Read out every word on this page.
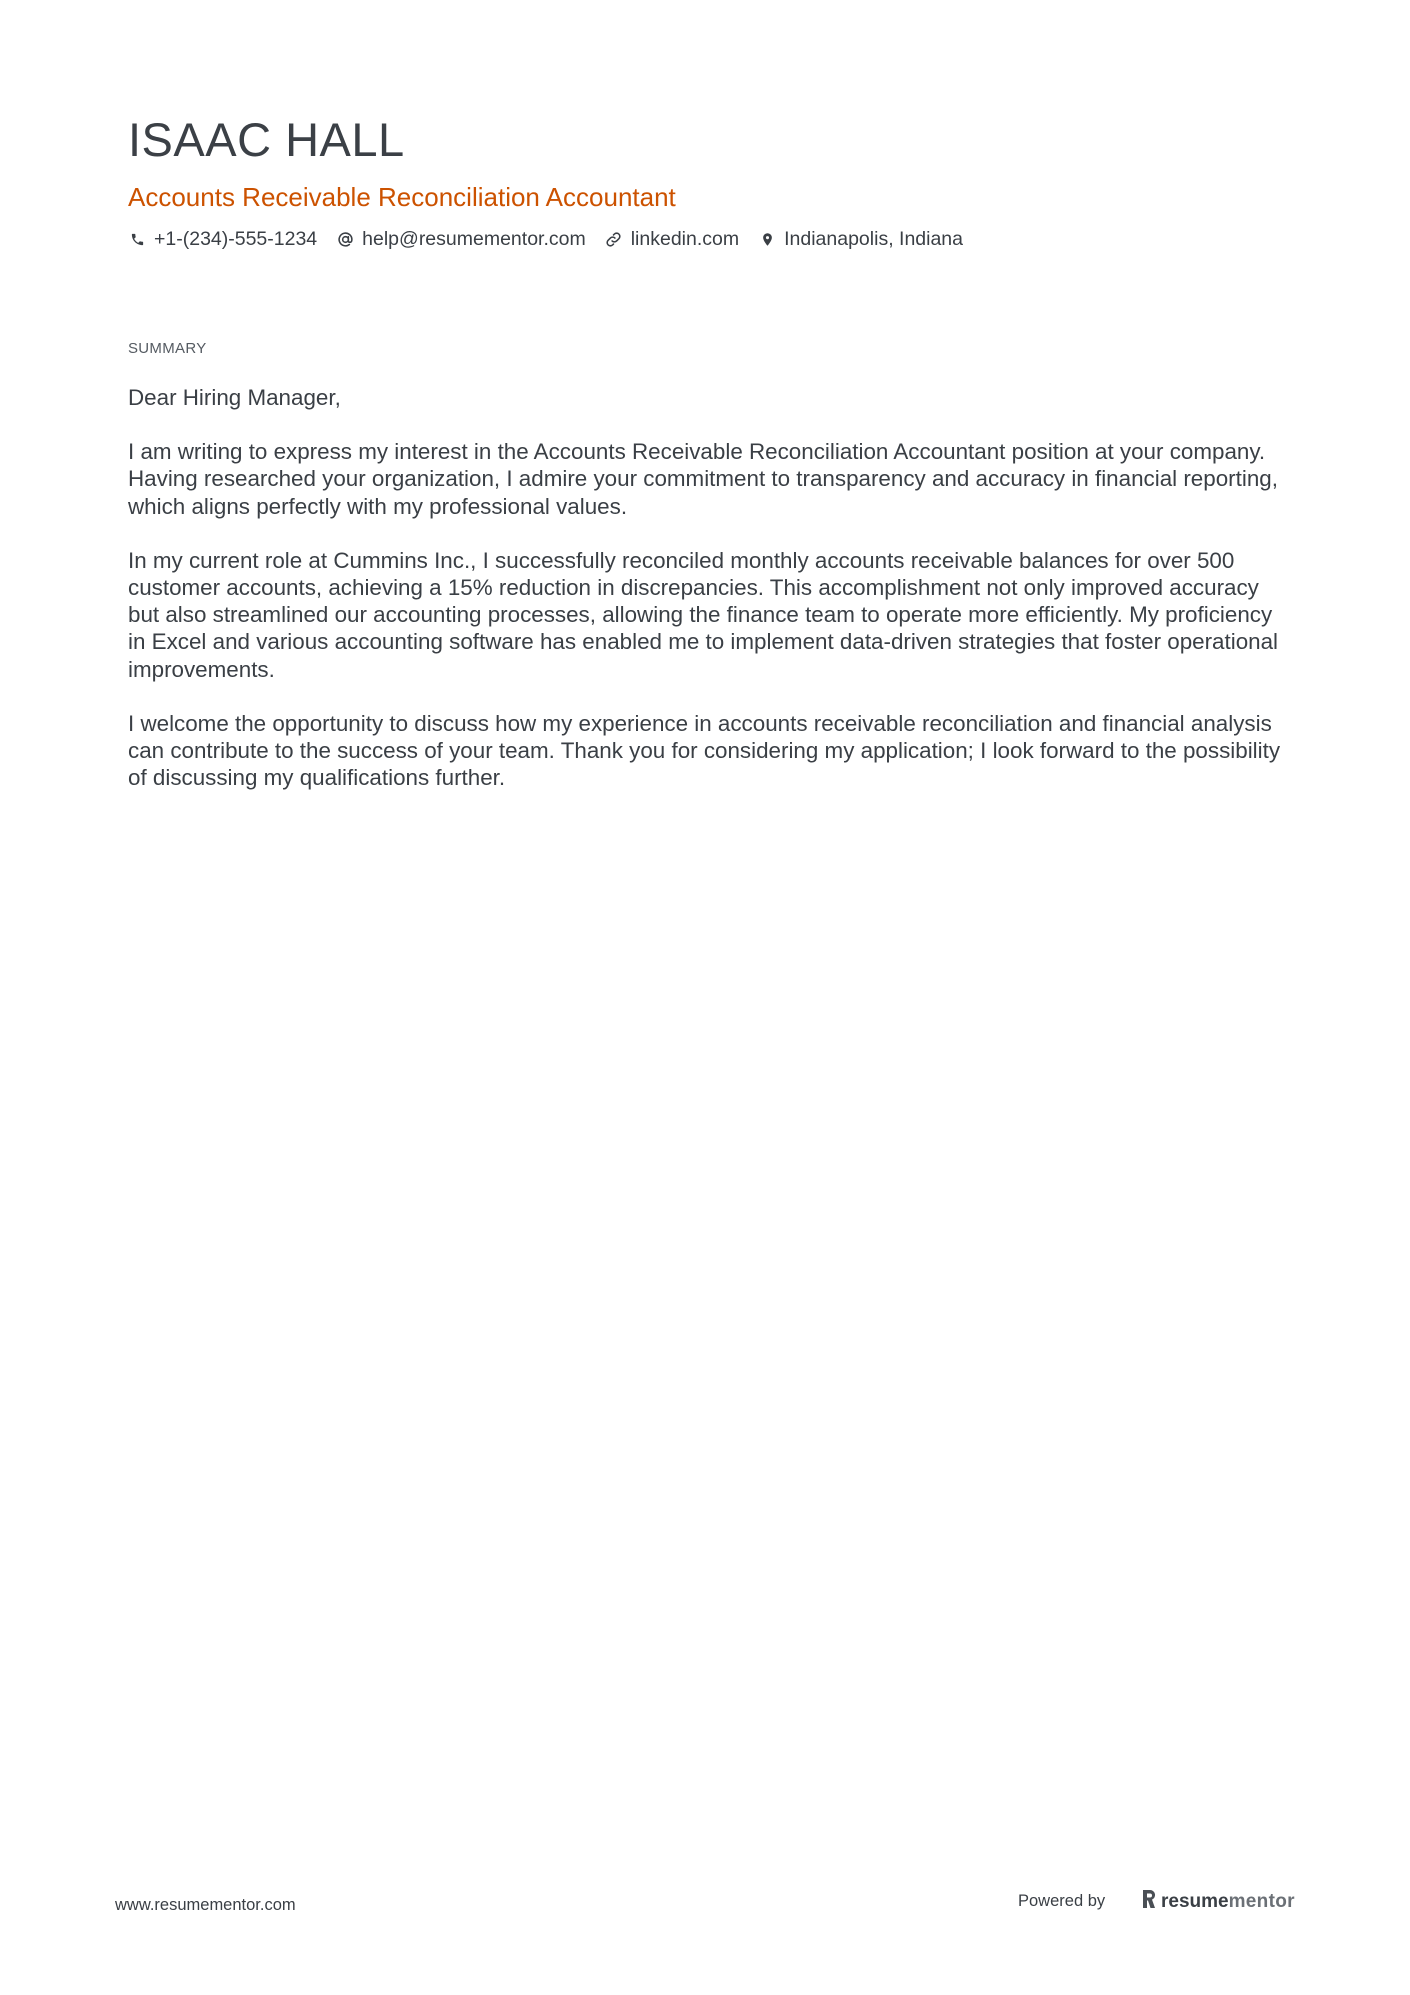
ISAAC HALL
Accounts Receivable Reconciliation Accountant
+1-(234)-555-1234 help@resumementor.com linkedin.com Indianapolis, Indiana
SUMMARY

Dear Hiring Manager,

I am writing to express my interest in the Accounts Receivable Reconciliation Accountant position at your company. Having researched your organization, I admire your commitment to transparency and accuracy in financial reporting, which aligns perfectly with my professional values.

In my current role at Cummins Inc., I successfully reconciled monthly accounts receivable balances for over 500 customer accounts, achieving a 15% reduction in discrepancies. This accomplishment not only improved accuracy but also streamlined our accounting processes, allowing the finance team to operate more efficiently. My proficiency in Excel and various accounting software has enabled me to implement data-driven strategies that foster operational improvements.

I welcome the opportunity to discuss how my experience in accounts receivable reconciliation and financial analysis can contribute to the success of your team. Thank you for considering my application; I look forward to the possibility of discussing my qualifications further.

www.resumementor.com	Powered by	resume mentor
